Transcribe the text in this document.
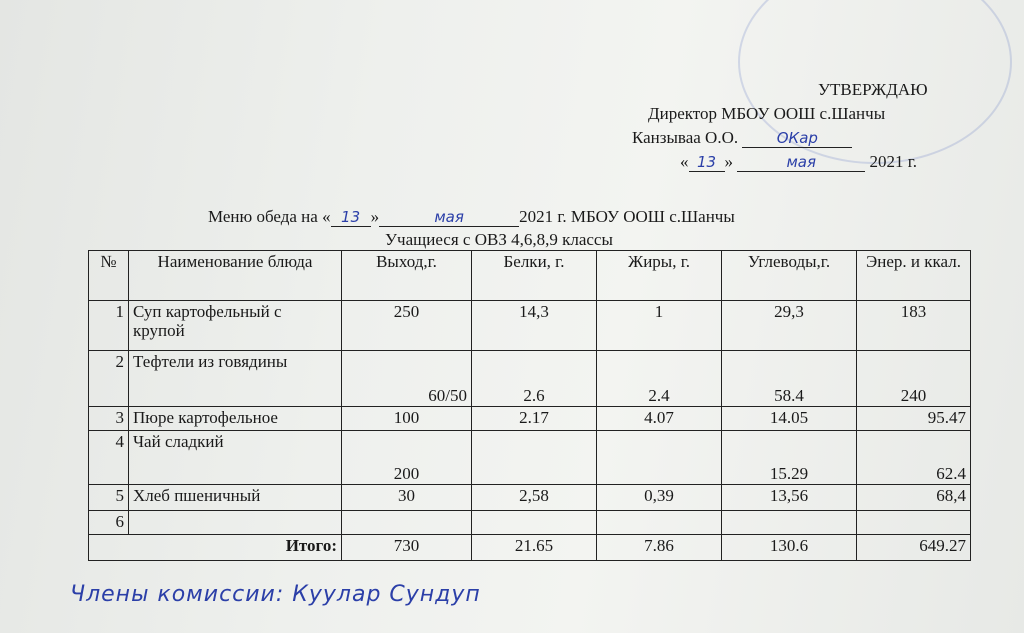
УТВЕРЖДАЮ
Директор МБОУ ООШ с.Шанчы
Канзываа О.О.	ОКар
« 13 »	мая	2021 г.
Меню обеда на « 13 »	мая	2021 г. МБОУ ООШ с.Шанчы
Учащиеся с ОВЗ 4,6,8,9 классы
№	Наименование блюда	Выход,г.	Белки, г.	Жиры, г.	Углеводы,г.	Энер. и ккал.
1	Суп картофельный с крупой	250	14,3	1	29,3	183
2	Тефтели из говядины	60/50	2.6	2.4	58.4	240
3	Пюре картофельное	100	2.17	4.07	14.05	95.47
4	Чай сладкий	200			15.29	62.4
5	Хлеб пшеничный	30	2,58	0,39	13,56	68,4
6						
Итого:		730	21.65	7.86	130.6	649.27
Члены комиссии: Куулар Сундуп
